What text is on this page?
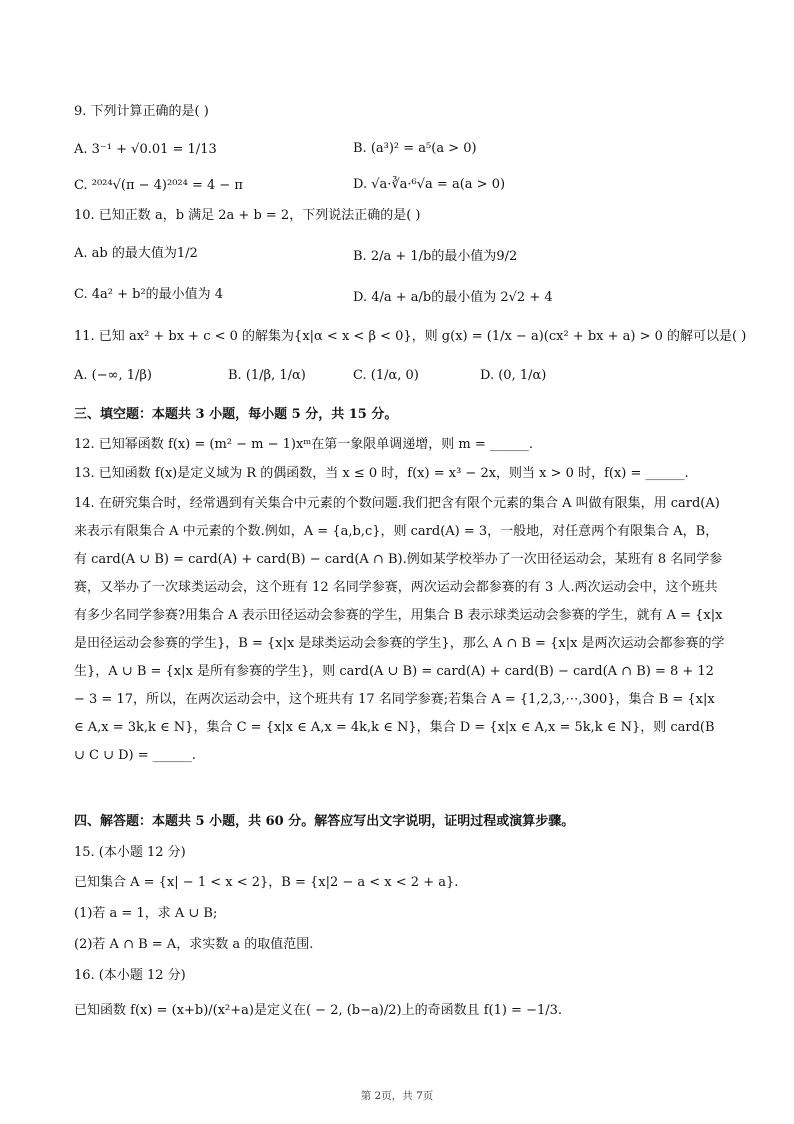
9. 下列计算正确的是( )
A. 3⁻¹ + √0.01 = 1/13	B. (a³)² = a⁵(a > 0)
C. ²⁰²⁴√(π − 4)²⁰²⁴ = 4 − π	D. √a·∛a·⁶√a = a(a > 0)
10. 已知正数 a，b 满足 2a + b = 2，下列说法正确的是( )
A. ab 的最大值为1/2	B. 2/a + 1/b的最小值为9/2
C. 4a² + b²的最小值为 4	D. 4/a + a/b的最小值为 2√2 + 4
11. 已知 ax² + bx + c < 0 的解集为{x|α < x < β < 0}，则 g(x) = (1/x − a)(cx² + bx + a) > 0 的解可以是( )
A. (−∞, 1/β)	B. (1/β, 1/α)	C. (1/α, 0)	D. (0, 1/α)
三、填空题：本题共 3 小题，每小题 5 分，共 15 分。
12. 已知幂函数 f(x) = (m² − m − 1)xᵐ在第一象限单调递增，则 m = ______.
13. 已知函数 f(x)是定义域为 R 的偶函数，当 x ≤ 0 时，f(x) = x³ − 2x，则当 x > 0 时，f(x) = ______.
14. 在研究集合时，经常遇到有关集合中元素的个数问题.我们把含有限个元素的集合 A 叫做有限集，用 card(A)来表示有限集合 A 中元素的个数.例如，A = {a,b,c}，则 card(A) = 3，一般地，对任意两个有限集合 A，B，有 card(A ∪ B) = card(A) + card(B) − card(A ∩ B).例如某学校举办了一次田径运动会，某班有 8 名同学参赛，又举办了一次球类运动会，这个班有 12 名同学参赛，两次运动会都参赛的有 3 人.两次运动会中，这个班共有多少名同学参赛?用集合 A 表示田径运动会参赛的学生，用集合 B 表示球类运动会参赛的学生，就有 A = {x|x 是田径运动会参赛的学生}，B = {x|x 是球类运动会参赛的学生}，那么 A ∩ B = {x|x 是两次运动会都参赛的学生}，A ∪ B = {x|x 是所有参赛的学生}，则 card(A ∪ B) = card(A) + card(B) − card(A ∩ B) = 8 + 12 − 3 = 17，所以，在两次运动会中，这个班共有 17 名同学参赛;若集合 A = {1,2,3,⋯,300}，集合 B = {x|x ∈ A,x = 3k,k ∈ N}，集合 C = {x|x ∈ A,x = 4k,k ∈ N}，集合 D = {x|x ∈ A,x = 5k,k ∈ N}，则 card(B ∪ C ∪ D) = ______.
四、解答题：本题共 5 小题，共 60 分。解答应写出文字说明，证明过程或演算步骤。
15. (本小题 12 分)
已知集合 A = {x| − 1 < x < 2}，B = {x|2 − a < x < 2 + a}.
(1)若 a = 1，求 A ∪ B;
(2)若 A ∩ B = A，求实数 a 的取值范围.
16. (本小题 12 分)
已知函数 f(x) = (x+b)/(x²+a)是定义在( − 2, (b−a)/2)上的奇函数且 f(1) = −1/3.
第 2页，共 7页
